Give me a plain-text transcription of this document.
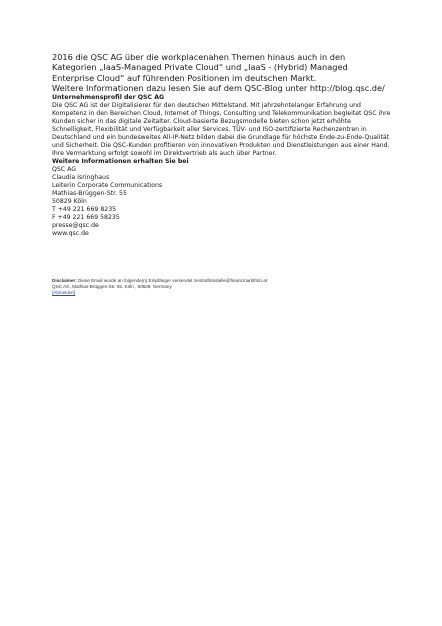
2016 die QSC AG über die workplacenahen Themen hinaus auch in den Kategorien „IaaS-Managed Private Cloud“ und „IaaS - (Hybrid) Managed Enterprise Cloud“ auf führenden Positionen im deutschen Markt.

Weitere Informationen dazu lesen Sie auf dem QSC-Blog unter http://blog.qsc.de/

Unternehmensprofil der QSC AG

Die QSC AG ist der Digitalisierer für den deutschen Mittelstand. Mit jahrzehntelanger Erfahrung und Kompetenz in den Bereichen Cloud, Internet of Things, Consulting und Telekommunikation begleitet QSC ihre Kunden sicher in das digitale Zeitalter. Cloud-basierte Bezugsmodelle bieten schon jetzt erhöhte Schnelligkeit, Flexibilität und Verfügbarkeit aller Services. TÜV- und ISO-zertifizierte Rechenzentren in Deutschland und ein bundesweites All-IP-Netz bilden dabei die Grundlage für höchste Ende-zu-Ende-Qualität und Sicherheit. Die QSC-Kunden profitieren von innovativen Produkten und Dienstleistungen aus einer Hand. Ihre Vermarktung erfolgt sowohl im Direktvertrieb als auch über Partner.

Weitere Informationen erhalten Sie bei

QSC AG
Claudia Isringhaus
Leiterin Corporate Communications
Mathias-Brüggen-Str. 55
50829 Köln
T +49 221 669 8235
F +49 221 669 58235
presse@qsc.de
www.qsc.de
Disclaimer: Diese Email wurde an folgende(n) Empfänger versendet zentralfotostelle@finanzmarktfoto.at
QSC AG, Mathias-Brüggen-Str. 55, Köln , 50829, Germany
[Abmelden]
